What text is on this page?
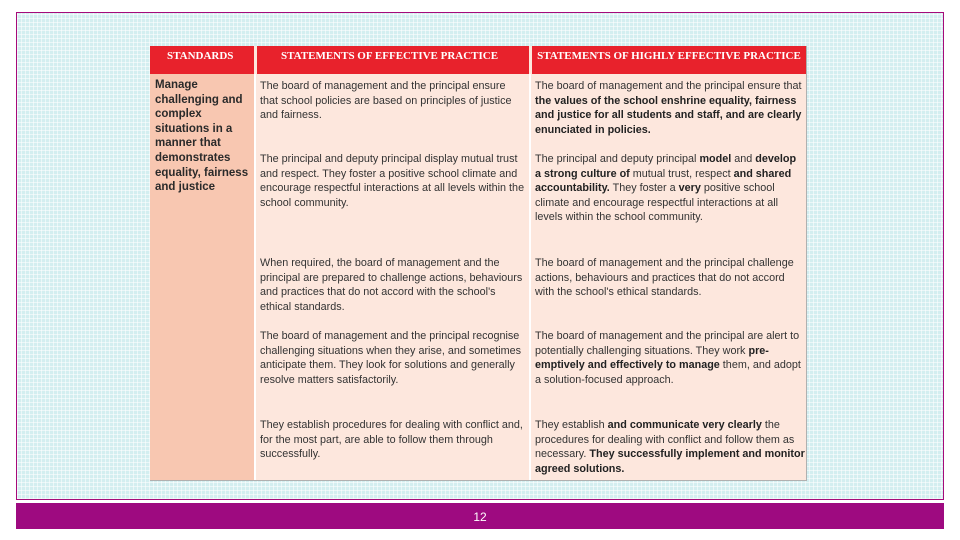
STANDARDS	STATEMENTS OF EFFECTIVE PRACTICE	STATEMENTS OF HIGHLY EFFECTIVE PRACTICE
Manage challenging and complex situations in a manner that demonstrates equality, fairness and justice
The board of management and the principal ensure that school policies are based on principles of justice and fairness.
The principal and deputy principal display mutual trust and respect. They foster a positive school climate and encourage respectful interactions at all levels within the school community.
When required, the board of management and the principal are prepared to challenge actions, behaviours and practices that do not accord with the school's ethical standards.
The board of management and the principal recognise challenging situations when they arise, and sometimes anticipate them. They look for solutions and generally resolve matters satisfactorily.
They establish procedures for dealing with conflict and, for the most part, are able to follow them through successfully.
The board of management and the principal ensure that the values of the school enshrine equality, fairness and justice for all students and staff, and are clearly enunciated in policies.
The principal and deputy principal model and develop a strong culture of mutual trust, respect and shared accountability. They foster a very positive school climate and encourage respectful interactions at all levels within the school community.
The board of management and the principal challenge actions, behaviours and practices that do not accord with the school's ethical standards.
The board of management and the principal are alert to potentially challenging situations. They work pre-emptively and effectively to manage them, and adopt a solution-focused approach.
They establish and communicate very clearly the procedures for dealing with conflict and follow them as necessary. They successfully implement and monitor agreed solutions.
12
